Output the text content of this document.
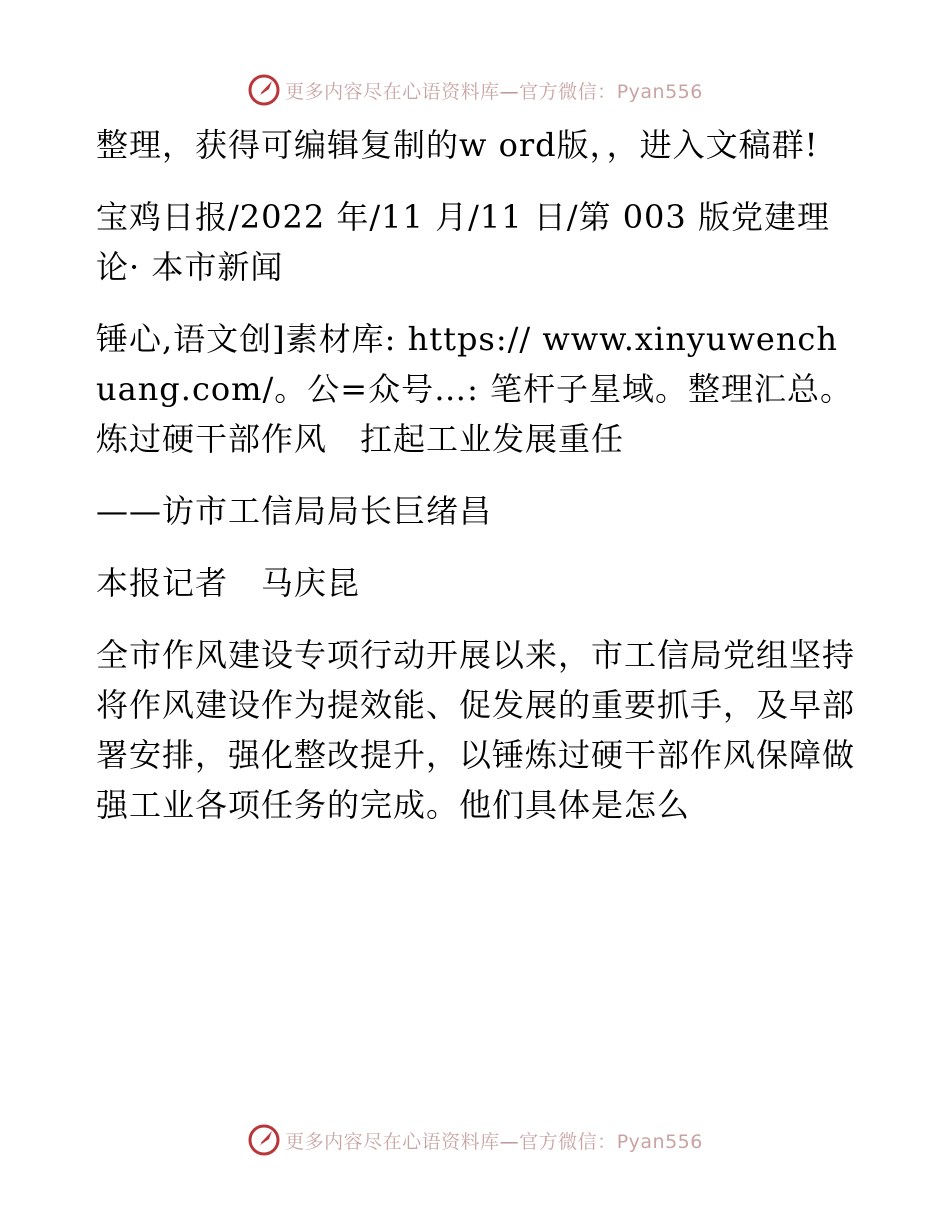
更多内容尽在心语资料库—官方微信：Pyan556

整理，获得可编辑复制的w ord版，，进入文稿群!

宝鸡日报/2022 年/11 月/11 日/第 003 版党建理论· 本市新闻

锤心,语文创]素材库: https:// www.xinyuwenchuang.com/。公=众号…: 笔杆子星域。整理汇总。炼过硬干部作风　扛起工业发展重任

——访市工信局局长巨绪昌

本报记者　马庆昆

全市作风建设专项行动开展以来，市工信局党组坚持将作风建设作为提效能、促发展的重要抓手，及早部署安排，强化整改提升，以锤炼过硬干部作风保障做强工业各项任务的完成。他们具体是怎么

更多内容尽在心语资料库—官方微信：Pyan556
